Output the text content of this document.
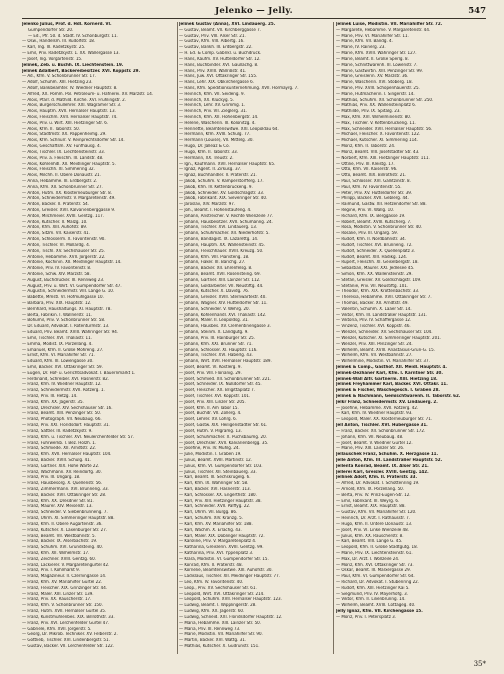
Jelenko — Jelly.	547
Jelenko Julius, Prof. d. Hdl. Körnerd. VI.
Gumpendorfer Str. 20.
— Ed., Pfr. 50. d. Stadt. IV. Schönburgstr. 11.
— Osw., Handelsm. III. Rudolfstr. 18.
— Karl, Ing. III. Radetzkystr. 25.
— Emil, Priv. Radetzkystr. 1. XX. Wallergasse 13.
— Josef, Ing. Vorgartenstr. 15.
Jelinek, Zeb. u. Buchh. IX. Liechtenstein. 19.
Jelinek Adalbert, Bäckereibesitzer. XVI. Koppstr. 29.
— Ad., Kfm. V. Schönbrunner Str. 17.
— Adolf, Schuhm. XIII. Hietzing 23.
— Adolf, Bankbeamter. IV. Wiedner Hauptstr. 8.
— Alfred, XX. Pomm. Pol. Petroleum- u. Hafnerei. XV. Märzstr. 14.
— Alois, Pfarr. d. Mathild. Kirche. XVI. Frühlingstr. 2.
— Alois, Bürgerschullehrer. XXI. Wagramer Str. 3.
— Alois, Hauptm. XVII. Hernalser Hauptstr. 13.
— Alois, Fleischm. XVII. Hernalser Hauptstr. 74.
— Alois, Priv. u. Wirt. XIII. Hietzinger Str. 6.
— Alois, Kfm. II. Taborstr. 50.
— Alois, Stadtmstr. XX. Pappenheimg. 29.
— Alois, Kfm. Schnurr. V. Reinprechtsdorfer Str. 14.
— Alois, Geschäftsm. XV. Fünfhausg. 4.
— Alois, Tischler. IX. Liechtensteinstr. 33.
— Alois, Priv. a. Fleischh. III. Landstr. 48.
— Alois, Kohlenhdl. XII. Meidlinger Hauptstr. 5.
— Alois, Fleischh. XI. Simmering 32.
— Alois, Milchh. II. Obere Donaustr. 21.
— Anna, Hebamme. III. Erdbergstr. 2.
— Anna, Kfm. XII. Schönbrunner Str. 27.
— Anton, Hutm. XX. Klosterneuburger Str. 8.
— Anton, Schneidermstr. V. Margaretenstr. 49.
— Anton, Bäcker. II. Praterstr. 54.
— Anton, Greisler. XVII. Kalvarienberggasse 9.
— Anton, Milchmeier. XVIII. Gentzg. 117.
— Anton, Kutscher. II. Malzg. 10.
— Anton, Kfm. XIII. Auhofstr. 89.
— Anton, Sitzm. VII. Kaiserstr. 41.
— Anton, Schlosserm. X. Favoritenstr. 90.
— Anton, Tischler. VI. Mollardg. 4.
— Anton, Tischl. XV. Sechshauser Str. 25.
— Antonie, Hebamme. XVII. Jörgerstr. 22.
— Antonie, Köchinin. XII. Meidlinger Hauptstr. 14.
— Antonie, Priv. IV. Favoritenstr. 8.
— Antonie, Schw. XIV. Märzstr. 58.
— August, Buchdrucker. III. Rennweg 23.
— August, Priv. u. Wirt. VI. Gumpendorfer Str. 47.
— Augustin, Schneidermstr. VIII. Lange G. 10.
— Babette, Mmstl. VI. Hofmühlgasse 10.
— Barbara, Priv. XIX. Hauptstr. 12.
— Bernhard, Haushaltungs. XI. Hauptstr. 78.
— Berta, Fabrikin. I. Wallnerstr. 11.
— Bohumil, Priv. V. Schönbrunner Str. 58.
— Dr. Eduard, Advokat. I. Rotenturmstr. 13.
— Eduard, Priv. Beamt. XVIII. Währinger Str. 94.
— Emil, Tischler. XVI. Thaliastr. 11.
— Emma, Modist. IX. Porzellang. 4.
— Emanuel, Kfm. II. Große Mohreng. 27.
— Ernst, Kfm. VI. Mariahilfer Str. 71.
— Eduard, Kfm. III. Löwengasse 30.
— Emil, Bäcker. XVI. Ottakringer Str. 59.
— Eugen, Dr. Hof- u. Gerichtsadvokat. I. Bauernmarkt 1.
— Ferdinand, Schreiber. XVI. Hasnerstr. 82.
— Franz, Kfm. IV. Wiedner Hauptstr. 12.
— Franz, Schneidermstr. XVII. Rötzerg. 1.
— Franz, Priv. III. Hetzg. 14.
— Franz, Kfm. XX. Jägerstr. 35.
— Franz, Drechsler. XIV. Sechshauser Str. 16.
— Franz, Beamt. XIII. Penzinger Str. 50.
— Franz, Photograph. VII. Neubaug. 66.
— Franz, Priv. XXI. Floridsdorf. Hauptstr. 31.
— Franz, Sattler. III. Radetzkystr. 9.
— Franz, Kfm. u. Tischler. XVI. Neulerchenfelder Str. 57.
— Franz, Fuhrwerkb. I. Bez. Holzh. 1.
— Franz, Schmiede. XII. Arndtstr. 22.
— Franz, Kfm. XVII. Hernalser Hauptstr. 104.
— Franz, Bäcker. XVIII. Schulg. 41.
— Franz, Gärtner. XIX. Hohe Warte 22.
— Franz, Wachmann. XV. Reindorfg. 30.
— Franz, Priv. III. Ungarg. 18.
— Franz, Hausbesorg. X. Quellenstr. 56.
— Franz, Zimmermann. XVI. Brunneng. 33.
— Franz, Bäcker. XVII. Ottakringer Str. 28.
— Franz, Kfm. XX. Dresdner Str. 81.
— Franz, Maurer. XIV. Meiselstr. 13.
— Franz, Schneider. V. Siebenbrunneng. 7.
— Franz, Uhrm. XI. Simmeringer Hauptstr. 88.
— Franz, Kfm. II. Obere Augartenstr. 36.
— Franz, Kutscher. X. Laxenburger Str. 27.
— Franz, Beamt. VII. Westbahnstr. 5.
— Franz, Bäcker. IX. Alserbachstr. 19.
— Franz, Schuhm. XVI. Grundsteing. 40.
— Franz, Kfm. XII. Wilhelmstr. 17.
— Franz, Zeichner. XVIII. Gentzg. 60.
— Franz, Lackierer. V. Margaretengürtel 42.
— Franz, Priv. I. Kohlmarkt 9.
— Franz, Magazineur. II. Czerningasse 14.
— Franz, Kfm. XV. Mariahilfer Gürtel 22.
— Franz, Fleischer. XIX. Grinzinger Str. 44.
— Franz, Maler. XIII. Linzer Str. 139.
— Franz, Priv. XX. Rauscherstr. 17.
— Franz, Kfm. V. Schönbrunner Str. 150.
— Franz, Hutm. XVII. Hernalser Gürtel 35.
— Franz, Kunstmühlenbes. XIX. Billrothstr. 33.
— Franz, Priv. XVI. Lerchenfelder Gürtel 47.
— Gabriele, Kfm. XVII. Jörgerstr. 5.
— Georg, Dr. Mikrob. Techniker. XV. Felberstr. 2.
— Gottlieb, Tischler. XVI. Lindenbergstr. 51.
— Gustav, Bäcker. VII. Lerchenfelder Str. 122.
Jelinek Gustav (Anna), XVI. Lindauerg. 25.
— Gustav, Beamt. VII. Kirchberggasse 7.
— Gustav, Priv. VIII. Alser Str. 21.
— Gustav, Kfm. VIII. Albertg. 16.
— Gustav, Bankh. III. Erdbergstr. 22.
— H. Ed. & Comp. Gabrikl. u. Buchdruck.
— Hans, Kaufm. XV. Hütteldorfer Str. 12.
— Hans, Buchbinder. XVI. Gaullachg. 8.
— Hans, Priv. XVIII. Wallrißstr. 41.
— Hans, Juw. XVI. Ottakringer Str. 155.
— Hans, Lehr. XIX. Obkirchergasse 6.
— Hans, Kfm. Speditionsunternehmung. XVII. Hormayrg. 7.
— Heinrich, Kfm. VII. Seideng. 9.
— Heinrich, XX. Kluckyg. 5.
— Heinrich, Lehr. XV. Grimmg. 1.
— Heinrich, Priv. VII. Zieglerg. 31.
— Heinrich, Kfm. XII. Hohenbergstr. 14.
— Helene, Wäscherin. III. Kolonitzg. 4.
— Henriette, Beamtenswitwe. XXI. Leopoldau 64.
— Hermann, Kfm. XVIII. Schulg. 77.
— Hermann (Louise), VII. Mittelg. 30.
— Hugo, Dr. Jalleaz & Co.
— Hugo, Kfm. II. Taborstr. 33.
— Hermann, XX. Treustr. 2.
— Ign., Kaufmann. XVII. Hernalser Hauptstr. 65.
— Ignaz, Agent. II. Zirkusg. 37.
— Ignaz, Buchhändler. II. Praterstr. 21.
— Jakob, Schuhm. V. Ramperstorfferg. 17.
— Jakob, Kfm. IV. Kettenbrückeng. 9.
— Jakob, Schneider. XV. Goldschlagstr. 33.
— Jakob, Fabrikant. XIX. Sieveringer Str. 40.
— Jaroslav, XIV. Märzstr. 97.
— Joh., Beamt. I. Hohenstaufeng. 4.
— Johann, Anstreicher. V. Rechte Wienzeile 77.
— Johann, Hausbesitzer. XVII. Schumanng. 24.
— Johann, Tischler. XVI. Lindauerg. 13.
— Johann, Schuhmacher. XII. Niederhofstr. 5.
— Johann, Bandagist. IX. Lazarettg. 14.
— Johann, Hauptm. XX. Wallensteinstr. 45.
— Johann, Fleischhauer. XVIII. Kreuzg. 50.
— Johann, Kfm. VIII. Piaristeng. 18.
— Johann, Fiaker. III. Barichg. 27.
— Johann, Bäcker. XII. Ehrenfelsg. 8.
— Johann, Beamt. XVII. Rosensteing. 69.
— Johann, Gärtner. XIII. Lainzer Str. 112.
— Johann, Goldarbeiter. VII. Neustiftg. 44.
— Johann, Kutscher. X. Davidg. 76.
— Johann, Greisler. XVIII. Sternwartestr. 40.
— Johann, Wagner. XIV. Hütteldorfer Str. 11.
— Johann, Schneider. V. Wehrg. 20.
— Johann, Kohlenhändl. XVI. Thaliastr. 142.
— Johann, Maler. II. Leopoldsg. 31.
— Johann, Hausbes. XV. Clementinengasse 3.
— Johann, Steinm. X. Landgutg. 9.
— Johann, Priv. III. Hainburger Str. 25.
— Johann, Kfm. XXI. Brünner Str. 71.
— Johann, Schlosser. XI. Hauptstr. 116.
— Johann, Tischler. XVI. Haberlg. 43.
— Johann, Wirt. XVII. Hernalser Hauptstr. 189.
— Josef, Beamt. VI. Köstlerg. 9.
— Josef, Priv. VIII. Florianig. 29.
— Josef, Schmied. XII. Schönbrunner Str. 221.
— Josef, Schneider. IX. Nußdorfer Str. 45.
— Josef, Fleischer. XX. Brigittaplatz 7.
— Josef, Tischler. XVI. Koppstr. 101.
— Josef, Priv. XIII. Linzer Str. 205.
— Josef, Kfm. II. Am Tabor 15.
— Josef, Buchdr. VII. Zollerg. 4.
— Josef, Lehrer. XV. Löhrg. 6.
— Josef, Gastw. XIX. Heiligenstädter Str. 61.
— Josef, Hutm. V. Pilgramg. 13.
— Josef, Schuhmacher. X. Puchsbaumg. 20.
— Josef, Drechsler. XVII. Kalvarienbergg. 35.
— Josefine, Priv. IV. Mühlg. 24.
— Julie, Modistin. I. Graben 19.
— Julius, Beamt. XVIII. Martinstr. 12.
— Julius, Kfm. VI. Gumpendorfer Str. 103.
— Julius, Tischler. XII. Steinbauerg. 33.
— Karl, Beamt. III. Sechskrügelg. 6.
— Karl, Kfm. IX. Währinger Str. 58.
— Karl, Bäcker. XVI. Hasnerstr. 113.
— Karl, Schlosser. XX. Engerthstr. 180.
— Karl, Priv. XIII. Hietzinger Hauptstr. 38.
— Karl, Schneider. XVII. Palffyg. 22.
— Karl, Uhrm. VII. Burgg. 86.
— Karl, Schuhm. XIV. Kranzg. 5.
— Karl, Kfm. XV. Mariahilfer Str. 188.
— Karl, Wachm. X. Erlachg. 43.
— Karl, Maler. XIX. Döblinger Hauptstr. 72.
— Karoline, Priv. V. Margaretenplatz 4.
— Katharina, Greislerin. XVIII. Gentzg. 99.
— Katharina, Priv. XVI. Yppenplatz 3.
— Klara, Modistin. VI. Gumpendorfer Str. 15.
— Konrad, Kfm. II. Praterstr. 48.
— Kornelie, Beamtenswitwe. XIII. Auhofstr. 30.
— Ladislaus, Tischler. XII. Meidlinger Hauptstr. 77.
— Leo, Kfm. IV. Favoritenstr. 40.
— Leop., Priv. XV. Sechshauser Str. 61.
— Leopold, Wirt. XVI. Ottakringer Str. 214.
— Leopold, Schuhm. XVII. Hernalser Hauptstr. 123.
— Ludwig, Beamt. I. Wipplingerstr. 28.
— Ludwig, Kfm. XX. Jägerstr. 60.
— Ludwig, Schneid. XXI. Floridsdorfer Hauptstr. 12.
— Maria, Hebamme. XIII. Lainzer Str. 50.
— Maria, Priv. III. Rennweg 73.
— Marie, Modistin. VII. Mariahilfer Str. 90.
— Martin, Bäcker. XVI. Wattg. 31.
— Mathias, Kutscher. X. Gudrunstr. 151.
Jelinek Luise, Modistin. VII. Mariahilfer Str. 72.
— Margarete, Hebamme. V. Margaretenstr. 44.
— Marie, Priv. VI. Mariahilfer Str. 11.
— Marie, Kfm. VII. Bandg. 4.
— Marie, IV. Rainerg. 23.
— Marie, Kfm. XVIII. Währinger Str. 127.
— Marie, Beamt. II. Große Sperlg. 8.
— Marie, Schnittwarenh. III. Löwenstr. 7.
— Marie, Gastwirtin. XIII. Penzinger Str. 99.
— Marie, Greislerin. XV. Märzstr. 36.
— Marie, Wäscherin. XVI. Stöberg. 18.
— Marie, Priv. XVIII. Schopenhauerstr. 25.
— Marie, Hutmacherin. I. Singerstr. 14.
— Mathias, Schuhm. XII. Schönbrunner Str. 250.
— Mathias, Priv. XX. Wallensteinplatz 6.
— Mathilde, Priv. IX. Spitalg. 23.
— Max, Kfm. XVI. Wilhelminenstr. 80.
— Max, Tischler. V. Kettenbrückeng. 11.
— Max, Schneider. XVII. Hernalser Hauptstr. 56.
— Michael, Fleischer. X. Favoritenstr. 122.
— Michael, Kutscher. XI. Simmering 114.
— Moriz, Kfm. II. Taborstr. 24.
— Moriz, Beamt. VIII. Josefstädter Str. 43.
— Norbert, Kfm. XIII. Hietzinger Hauptstr. 111.
— Ottilie, Priv. III. Kleistg. 17.
— Otto, Kfm. VII. Kaiserstr. 96.
— Otto, Beamt. XIX. Billrothstr. 21.
— Paul, Schlosser. XVI. Gallitzinstr. 8.
— Paul, Kfm. IV. Favoritenstr. 55.
— Peter, Priv. XV. Hütteldorfer Str. 39.
— Philipp, Bäcker. XVII. Geblerg. 44.
— Raimund, Gastw. XII. Hetzendorfer Str. 88.
— Regine, Priv. VI. Wallg. 10.
— Richard, Kfm. IX. Berggasse 19.
— Robert, Beamt. XVIII. Kutscherg. 7.
— Rosa, Modistin. V. Schönbrunner Str. 40.
— Rosalie, Priv. III. Ungarg. 59.
— Rudolf, Kfm. II. Nordbahnstr. 34.
— Rudolf, Tischler. XVI. Brunneng. 72.
— Rudolf, Schneider. X. Quellenplatz 3.
— Rudolf, Beamt. XIII. Hadikg. 124.
— Rupert, Fleischh. XI. Geiselbergstr. 18.
— Sebastian, Maurer. XXI. Jedlesee 45.
— Simon, Kfm. XX. Wallensteinstr. 29.
— Stefan, Greisler. XV. Goldschlagstr. 109.
— Stefanie, Priv. VII. Neustiftg. 101.
— Theodor, Kfm. XIX. Krottenbachstr. 33.
— Theresia, Hebamme. XVII. Ottakringer Str. 7.
— Thomas, Bäcker. XII. Arndtstr. 49.
— Valentin, Schuhm. X. Laaer Str. 14.
— Viktor, Kfm. III. Landstraßer Hauptstr. 131.
— Viktoria, Priv. IV. Schäffergasse 12.
— Vinzenz, Tischler. XVI. Koppstr. 46.
— Wenzel, Schneider. XV. Sechshauser Str. 104.
— Wenzel, Kutscher. XI. Simmeringer Hauptstr. 201.
— Wenzel, Priv. XIII. Penzinger Str. 24.
— Wilhelm, Beamt. XVIII. Anastasius-Grün-G. 15.
— Wilhelm, Kfm. VII. Westbahnstr. 27.
— Wilhelmine, Modistin. VI. Mariahilfer Str. 37.
Jelinek & Comp., Gasthof. XII. Meidl. Hauptstr. 4.
Jelinek-Dezhaner Karl, Kfm. I. Kärntner Str. 30.
Jelinek-Wall Alfr. Gärtnerm. XIII. Hietzing 18.
Jelinek Freyhammer Karl, Bäcker. XVI. Ottakr. 11.
Jelinek & Fischer, Wäschegesch. I. Graben 28.
Jelinek & Nachmann, Gemischtwarenh. II. Taborstr. 62.
Jelkr Franz, Schneidermstr. XV. Lindauerg. 2.
— Josefine, Hebamme. XVII. Rötzerg. 42.
— Karl, Kfm. IV. Wiedner Hauptstr. 93.
— Leopold, Maler. XX. Klosterneuburger Str. 71.
Jell Anton, Tischler. XVI. Hubergasse 31.
— Franz, Bäcker. XII. Schönbrunner Str. 172.
— Johann, Kfm. VII. Neubaug. 48.
— Josef, Beamt. V. Wiedner Gürtel 12.
— Marie, Priv. XIII. Lainzer Str. 26.
Jellauschek Franz, Schuhm. X. Herzgasse 11.
Jelle Anton, Kfm. III. Landstraßer Hauptstr. 52.
Jellenta Konrad, Beamt. IX. Alser Str. 21.
Jellerei Karl, Greisler. XVIII. Gentzg. 142.
Jellinek Adolf, Kfm. II. Praterstr. 33.
— Alfred, Dr. Advokat. I. Schottenring 19.
— Arnold, Kfm. IX. Porzellang. 50.
— Berta, Priv. IV. Prinz-Eugen-Str. 12.
— Emil, Fabrikant. III. Weyrg. 6.
— Ernst, Beamt. XIX. Hauptstr. 88.
— Gustav, Kfm. VII. Mariahilfer Str. 120.
— Heinrich, Dr. Arzt. I. Rathausstr. 7.
— Hugo, Kfm. II. Untere Donaustr. 13.
— Josef, Priv. VI. Linke Wienzeile 48.
— Julius, Kfm. XX. Rauscherstr. 8.
— Karl, Beamt. VIII. Lange G. 45.
— Leopold, Kfm. II. Große Stadtgutg. 18.
— Marie, Priv. IX. Liechtensteinstr. 61.
— Max, Dr. Arzt. I. Wollzeile 24.
— Moriz, Kfm. XVI. Ottakringer Str. 73.
— Oskar, Beamt. III. Marxergasse 29.
— Paul, Kfm. VI. Gumpendorfer Str. 64.
— Richard, Dr. Advokat. I. Stubenring 22.
— Rudolf, Kfm. XIII. Hietzinger Kai 5.
— Siegmund, Priv. IV. Mayerhofg. 3.
— Viktor, Kfm. II. Lilienbrunng. 14.
— Wilhelm, Beamt. XVIII. Cottageg. 40.
Jelly Ignaz, Kfm. VII. Kirchengasse 15.
— Moriz, Priv. I. Petersplatz 3.
35*
